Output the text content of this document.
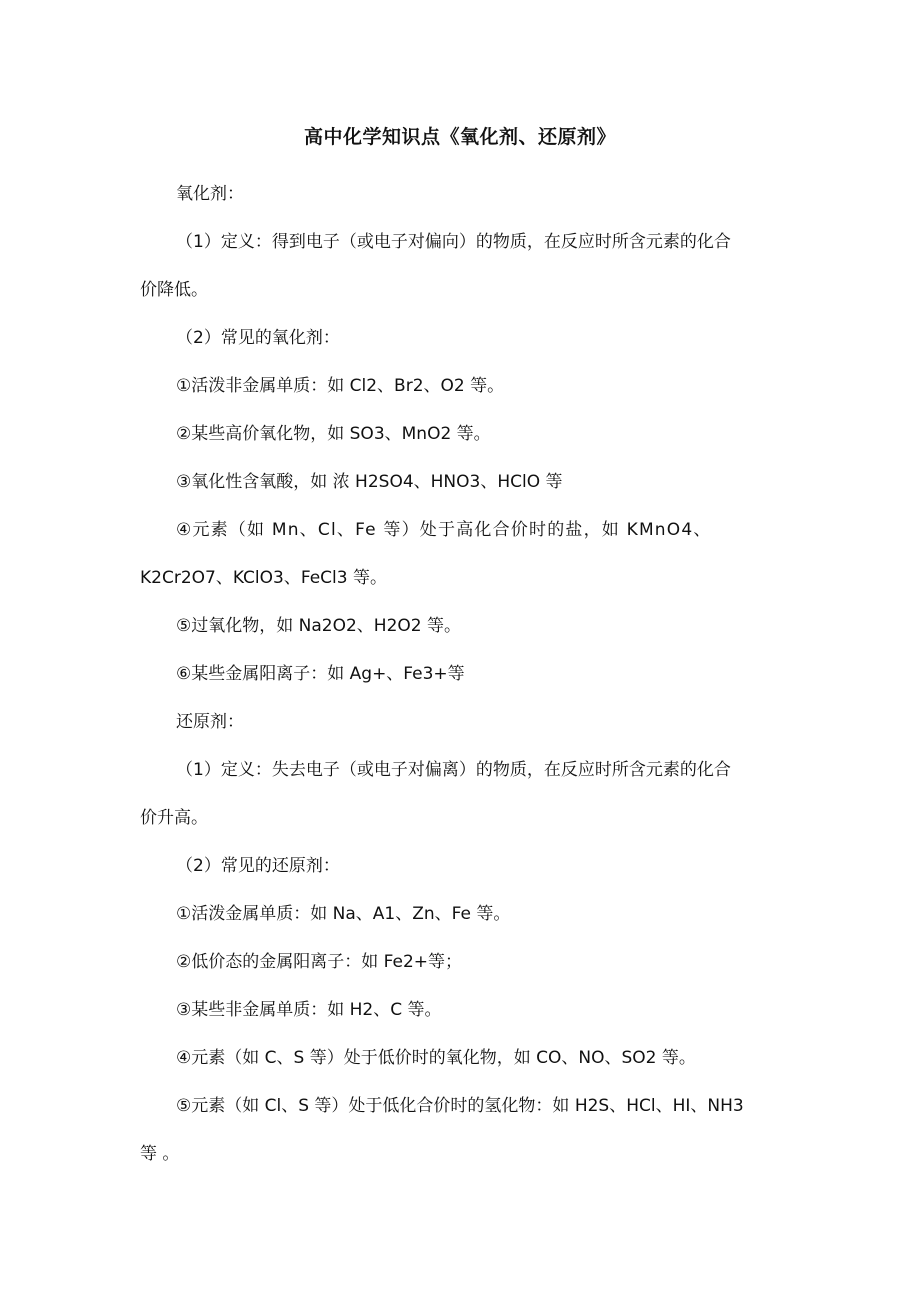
高中化学知识点《氧化剂、还原剂》
氧化剂：
（1）定义：得到电子（或电子对偏向）的物质，在反应时所含元素的化合
价降低。
（2）常见的氧化剂：
①活泼非金属单质：如 Cl2、Br2、O2 等。
②某些高价氧化物，如 SO3、MnO2 等。
③氧化性含氧酸，如 浓 H2SO4、HNO3、HClO 等
④元素（如 Mn、Cl、Fe 等）处于高化合价时的盐，如 KMnO4、
K2Cr2O7、KClO3、FeCl3 等。
⑤过氧化物，如 Na2O2、H2O2 等。
⑥某些金属阳离子：如 Ag+、Fe3+等
还原剂：
（1）定义：失去电子（或电子对偏离）的物质，在反应时所含元素的化合
价升高。
（2）常见的还原剂：
①活泼金属单质：如 Na、A1、Zn、Fe 等。
②低价态的金属阳离子：如 Fe2+等；
③某些非金属单质：如 H2、C 等。
④元素（如 C、S 等）处于低价时的氧化物，如 CO、NO、SO2 等。
⑤元素（如 Cl、S 等）处于低化合价时的氢化物：如 H2S、HCl、HI、NH3
等 。
